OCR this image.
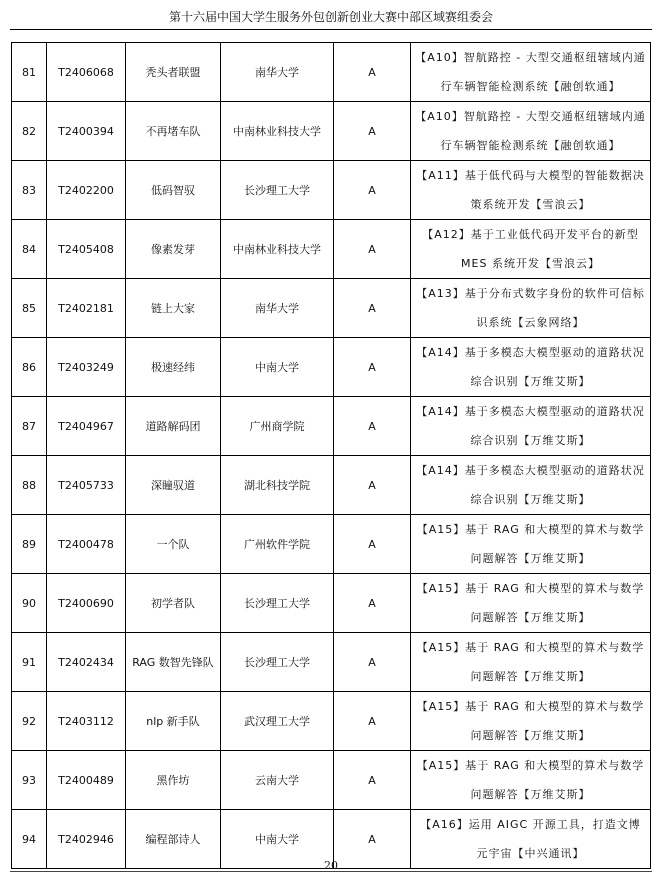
第十六届中国大学生服务外包创新创业大赛中部区域赛组委会
81	T2406068	秃头者联盟	南华大学	A	【A10】智航路控 - 大型交通枢纽辖域内通行车辆智能检测系统【融创软通】
82	T2400394	不再堵车队	中南林业科技大学	A	【A10】智航路控 - 大型交通枢纽辖域内通行车辆智能检测系统【融创软通】
83	T2402200	低码智驭	长沙理工大学	A	【A11】基于低代码与大模型的智能数据决策系统开发【雪浪云】
84	T2405408	像素发芽	中南林业科技大学	A	【A12】基于工业低代码开发平台的新型 MES 系统开发【雪浪云】
85	T2402181	链上大家	南华大学	A	【A13】基于分布式数字身份的软件可信标识系统【云象网络】
86	T2403249	极速经纬	中南大学	A	【A14】基于多模态大模型驱动的道路状况综合识别【万维艾斯】
87	T2404967	道路解码团	广州商学院	A	【A14】基于多模态大模型驱动的道路状况综合识别【万维艾斯】
88	T2405733	深瞳驭道	湖北科技学院	A	【A14】基于多模态大模型驱动的道路状况综合识别【万维艾斯】
89	T2400478	一个队	广州软件学院	A	【A15】基于 RAG 和大模型的算术与数学问题解答【万维艾斯】
90	T2400690	初学者队	长沙理工大学	A	【A15】基于 RAG 和大模型的算术与数学问题解答【万维艾斯】
91	T2402434	RAG 数智先锋队	长沙理工大学	A	【A15】基于 RAG 和大模型的算术与数学问题解答【万维艾斯】
92	T2403112	nlp 新手队	武汉理工大学	A	【A15】基于 RAG 和大模型的算术与数学问题解答【万维艾斯】
93	T2400489	黑作坊	云南大学	A	【A15】基于 RAG 和大模型的算术与数学问题解答【万维艾斯】
94	T2402946	编程部诗人	中南大学	A	【A16】运用 AIGC 开源工具，打造文博元宇宙【中兴通讯】
20
